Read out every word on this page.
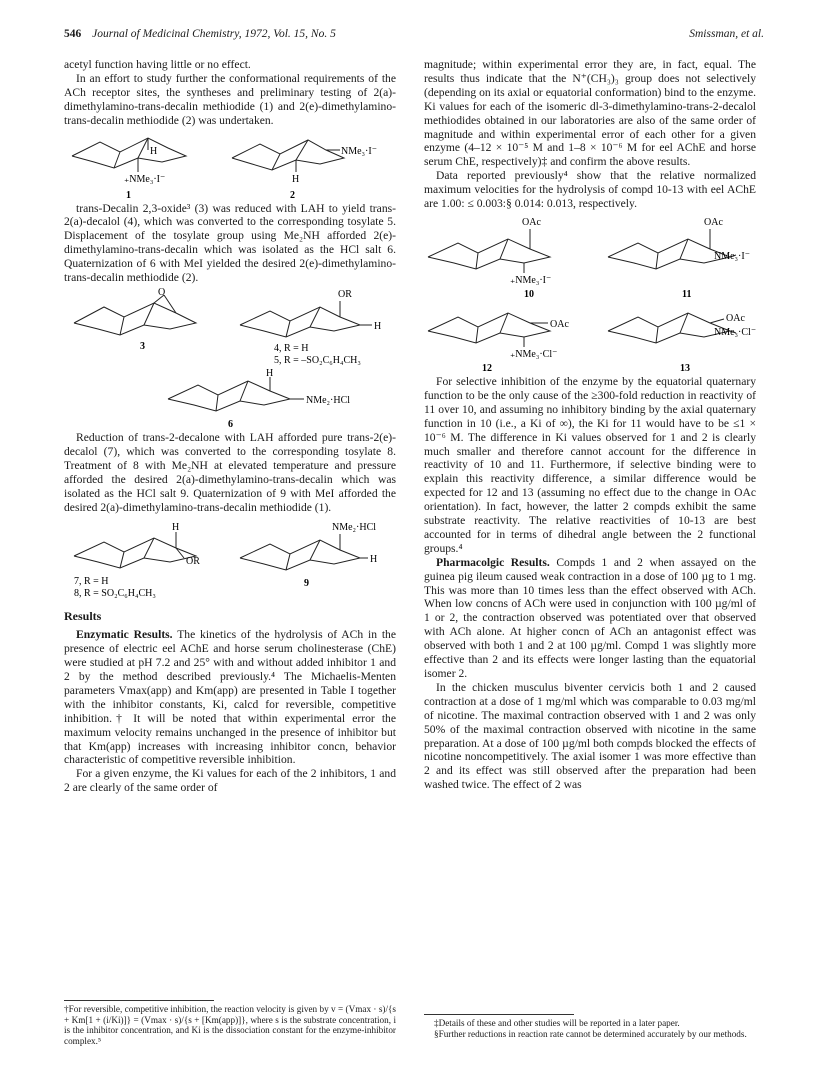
546 Journal of Medicinal Chemistry, 1972, Vol. 15, No. 5	Smissman, et al.

acetyl function having little or no effect.

In an effort to study further the conformational requirements of the ACh receptor sites, the syntheses and preliminary testing of 2(a)-dimethylamino-trans-decalin methiodide (1) and 2(e)-dimethylamino-trans-decalin methiodide (2) was undertaken.

H
₊NMe₃·I⁻
1
NMe₃·I⁻
H
2

trans-Decalin 2,3-oxide³ (3) was reduced with LAH to yield trans-2(a)-decalol (4), which was converted to the corresponding tosylate 5. Displacement of the tosylate group using Me₂NH afforded 2(e)-dimethylamino-trans-decalin which was isolated as the HCl salt 6. Quaternization of 6 with MeI yielded the desired 2(e)-dimethylamino-trans-decalin methiodide (2).

O
3
OR
H
4, R = H
5, R = –SO₂C₆H₄CH₃
H
NMe₂·HCl
6

Reduction of trans-2-decalone with LAH afforded pure trans-2(e)-decalol (7), which was converted to the corresponding tosylate 8. Treatment of 8 with Me₂NH at elevated temperature and pressure afforded the desired 2(a)-dimethylamino-trans-decalin which was isolated as the HCl salt 9. Quaternization of 9 with MeI afforded the desired 2(a)-dimethylamino-trans-decalin methiodide (1).

H
OR
7, R = H
8, R = SO₂C₆H₄CH₃
NMe₂·HCl
H
9
Results

Enzymatic Results. The kinetics of the hydrolysis of ACh in the presence of electric eel AChE and horse serum cholinesterase (ChE) were studied at pH 7.2 and 25° with and without added inhibitor 1 and 2 by the method described previously.⁴ The Michaelis-Menten parameters Vmax(app) and Km(app) are presented in Table I together with the inhibitor constants, Ki, calcd for reversible, competitive inhibition.† It will be noted that within experimental error the maximum velocity remains unchanged in the presence of inhibitor but that Km(app) increases with increasing inhibitor concn, behavior characteristic of competitive reversible inhibition.

For a given enzyme, the Ki values for each of the 2 inhibitors, 1 and 2 are clearly of the same order of

†For reversible, competitive inhibition, the reaction velocity is given by v = (Vmax · s)/{s + Km[1 + (i/Ki)]} = (Vmax · s)/{s + [Km(app)]}, where s is the substrate concentration, i is the inhibitor concentration, and Ki is the dissociation constant for the enzyme-inhibitor complex.⁵

magnitude; within experimental error they are, in fact, equal. The results thus indicate that the N⁺(CH₃)₃ group does not selectively (depending on its axial or equatorial conformation) bind to the enzyme. Ki values for each of the isomeric dl-3-dimethylamino-trans-2-decalol methiodides obtained in our laboratories are also of the same order of magnitude and within experimental error of each other for a given enzyme (4–12 × 10⁻⁵ M and 1–8 × 10⁻⁶ M for eel AChE and horse serum ChE, respectively)‡ and confirm the above results.

Data reported previously⁴ show that the relative normalized maximum velocities for the hydrolysis of compd 10-13 with eel AChE are 1.00: ≤ 0.003:§ 0.014: 0.013, respectively.

OAc
₊NMe₃·I⁻
10
OAc
NMe₃·I⁻
11
OAc
₊NMe₃·Cl⁻
12
OAc
NMe₃·Cl⁻
13

For selective inhibition of the enzyme by the equatorial quaternary function to be the only cause of the ≥300-fold reduction in reactivity of 11 over 10, and assuming no inhibitory binding by the axial quaternary function in 10 (i.e., a Ki of ∞), the Ki for 11 would have to be ≤1 × 10⁻⁶ M. The difference in Ki values observed for 1 and 2 is clearly much smaller and therefore cannot account for the difference in reactivity of 10 and 11. Furthermore, if selective binding were to explain this reactivity difference, a similar difference would be expected for 12 and 13 (assuming no effect due to the change in OAc orientation). In fact, however, the latter 2 compds exhibit the same substrate reactivity. The relative reactivities of 10-13 are best accounted for in terms of dihedral angle between the 2 functional groups.⁴

Pharmacolgic Results. Compds 1 and 2 when assayed on the guinea pig ileum caused weak contraction in a dose of 100 µg to 1 mg. This was more than 10 times less than the effect observed with ACh. When low concns of ACh were used in conjunction with 100 µg/ml of 1 or 2, the contraction observed was potentiated over that observed with ACh alone. At higher concn of ACh an antagonist effect was observed with both 1 and 2 at 100 µg/ml. Compd 1 was slightly more effective than 2 and its effects were longer lasting than the equatorial isomer 2.

In the chicken musculus biventer cervicis both 1 and 2 caused contraction at a dose of 1 mg/ml which was comparable to 0.03 mg/ml of nicotine. The maximal contraction observed with 1 and 2 was only 50% of the maximal contraction observed with nicotine in the same preparation. At a dose of 100 µg/ml both compds blocked the effects of nicotine noncompetitively. The axial isomer 1 was more effective than 2 and its effect was still observed after the preparation had been washed twice. The effect of 2 was

‡Details of these and other studies will be reported in a later paper.

§Further reductions in reaction rate cannot be determined accurately by our methods.
